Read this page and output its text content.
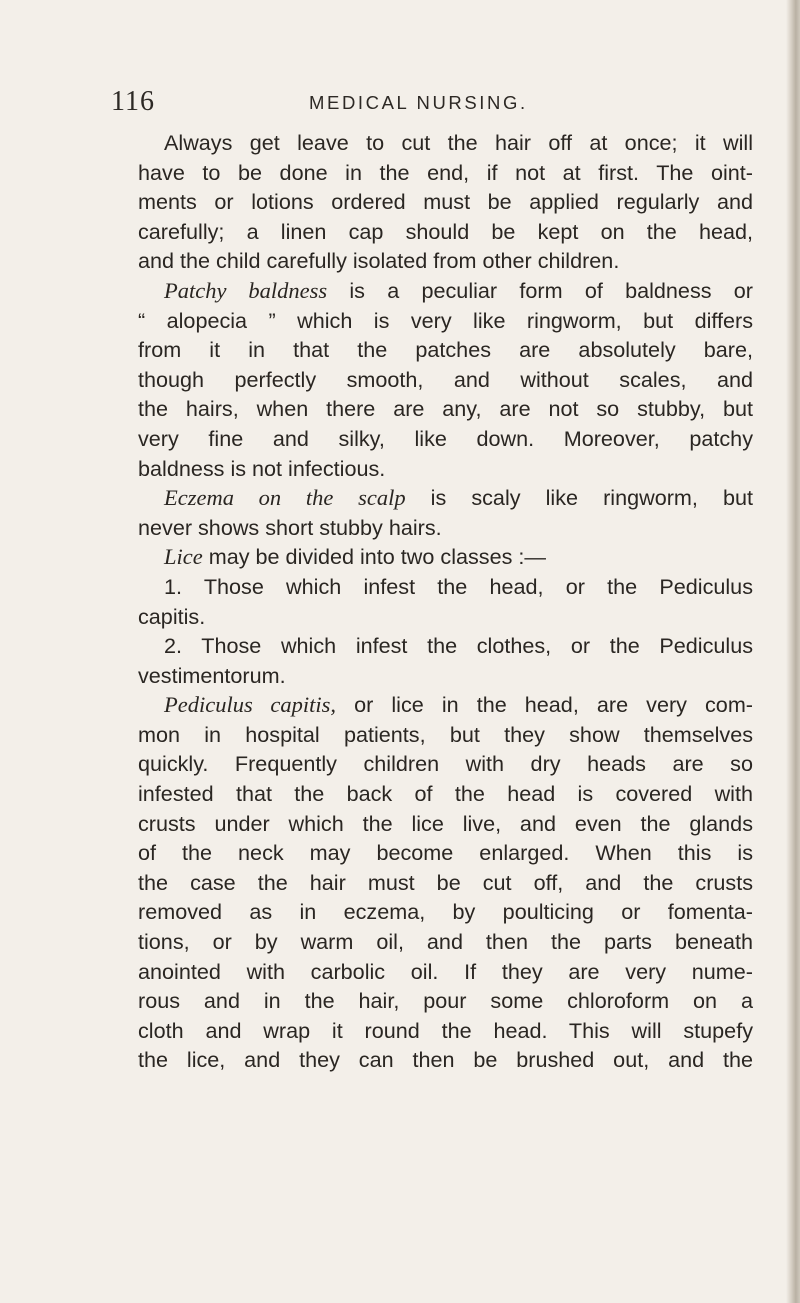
116	MEDICAL NURSING.
Always get leave to cut the hair off at once; it will
have to be done in the end, if not at first. The oint-
ments or lotions ordered must be applied regularly and
carefully; a linen cap should be kept on the head,
and the child carefully isolated from other children.
Patchy baldness is a peculiar form of baldness or
“ alopecia ” which is very like ringworm, but differs
from it in that the patches are absolutely bare,
though perfectly smooth, and without scales, and
the hairs, when there are any, are not so stubby, but
very fine and silky, like down. Moreover, patchy
baldness is not infectious.
Eczema on the scalp is scaly like ringworm, but
never shows short stubby hairs.
Lice may be divided into two classes :—
1. Those which infest the head, or the Pediculus
capitis.
2. Those which infest the clothes, or the Pediculus
vestimentorum.
Pediculus capitis, or lice in the head, are very com-
mon in hospital patients, but they show themselves
quickly. Frequently children with dry heads are so
infested that the back of the head is covered with
crusts under which the lice live, and even the glands
of the neck may become enlarged. When this is
the case the hair must be cut off, and the crusts
removed as in eczema, by poulticing or fomenta-
tions, or by warm oil, and then the parts beneath
anointed with carbolic oil. If they are very nume-
rous and in the hair, pour some chloroform on a
cloth and wrap it round the head. This will stupefy
the lice, and they can then be brushed out, and the
